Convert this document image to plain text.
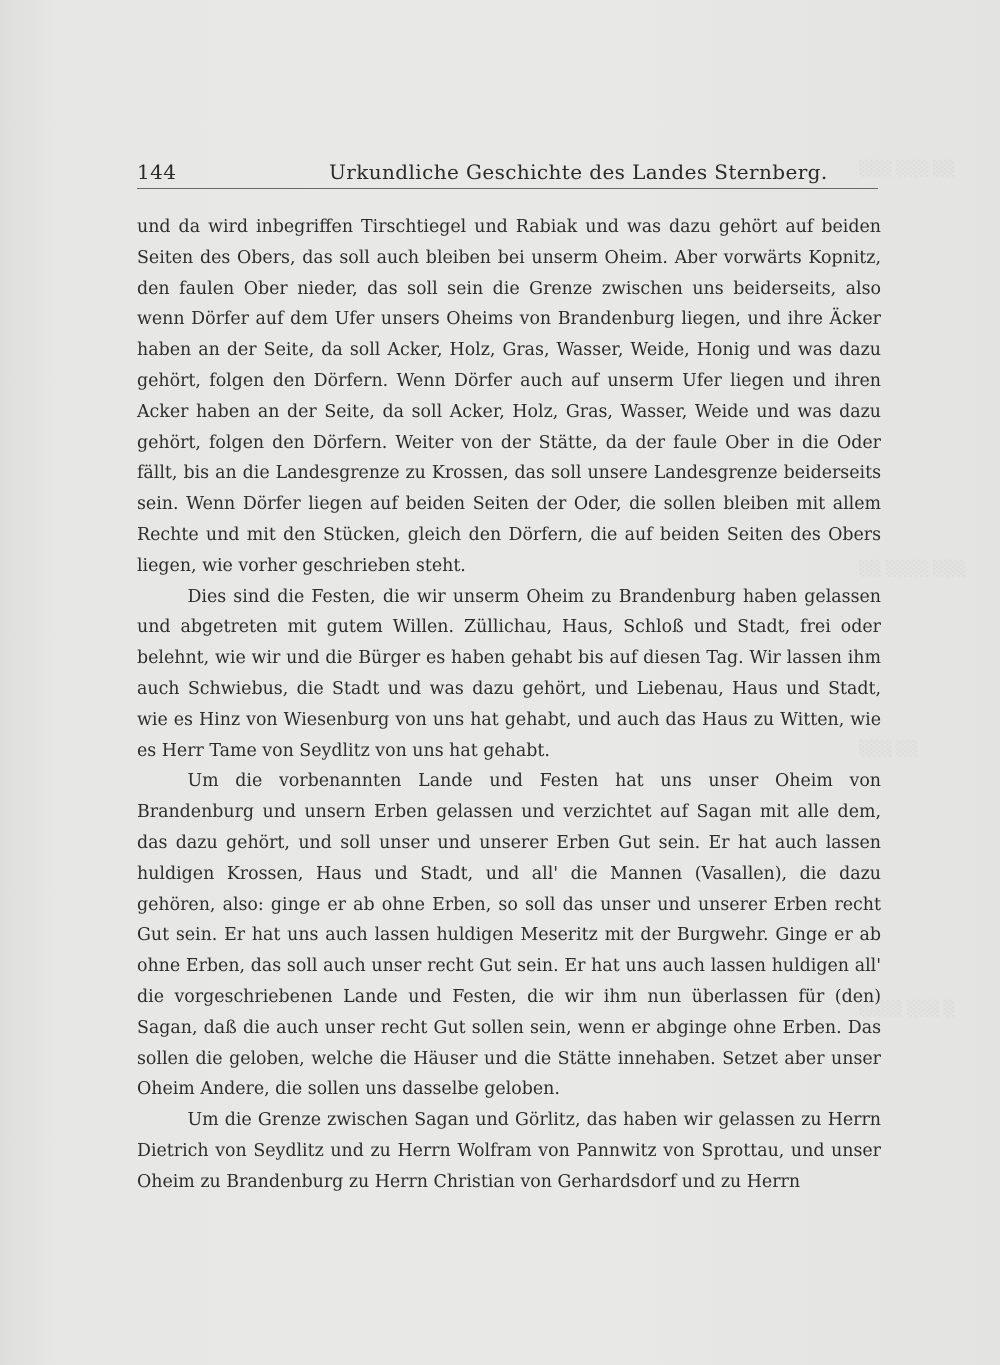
░░░ ░░░ ░░
░░ ░░░░ ░░░
░░░ ░░
░░░░ ░░░ ░
144	Urkundliche Geschichte des Landes Sternberg.

und da wird inbegriffen Tirschtiegel und Rabiak und was dazu gehört auf beiden Seiten des Obers, das soll auch bleiben bei unserm Oheim. Aber vorwärts Kopnitz, den faulen Ober nieder, das soll sein die Grenze zwischen uns beiderseits, also wenn Dörfer auf dem Ufer unsers Oheims von Brandenburg liegen, und ihre Äcker haben an der Seite, da soll Acker, Holz, Gras, Wasser, Weide, Honig und was dazu gehört, folgen den Dörfern. Wenn Dörfer auch auf unserm Ufer liegen und ihren Acker haben an der Seite, da soll Acker, Holz, Gras, Wasser, Weide und was dazu gehört, folgen den Dörfern. Weiter von der Stätte, da der faule Ober in die Oder fällt, bis an die Landesgrenze zu Krossen, das soll unsere Landesgrenze beiderseits sein. Wenn Dörfer liegen auf beiden Seiten der Oder, die sollen bleiben mit allem Rechte und mit den Stücken, gleich den Dörfern, die auf beiden Seiten des Obers liegen, wie vorher geschrieben steht.

Dies sind die Festen, die wir unserm Oheim zu Brandenburg haben gelassen und abgetreten mit gutem Willen. Züllichau, Haus, Schloß und Stadt, frei oder belehnt, wie wir und die Bürger es haben gehabt bis auf diesen Tag. Wir lassen ihm auch Schwiebus, die Stadt und was dazu gehört, und Liebenau, Haus und Stadt, wie es Hinz von Wiesenburg von uns hat gehabt, und auch das Haus zu Witten, wie es Herr Tame von Seydlitz von uns hat gehabt.

Um die vorbenannten Lande und Festen hat uns unser Oheim von Brandenburg und unsern Erben gelassen und verzichtet auf Sagan mit alle dem, das dazu gehört, und soll unser und unserer Erben Gut sein. Er hat auch lassen huldigen Krossen, Haus und Stadt, und all' die Mannen (Vasallen), die dazu gehören, also: ginge er ab ohne Erben, so soll das unser und unserer Erben recht Gut sein. Er hat uns auch lassen huldigen Meseritz mit der Burgwehr. Ginge er ab ohne Erben, das soll auch unser recht Gut sein. Er hat uns auch lassen huldigen all' die vorgeschriebenen Lande und Festen, die wir ihm nun überlassen für (den) Sagan, daß die auch unser recht Gut sollen sein, wenn er abginge ohne Erben. Das sollen die geloben, welche die Häuser und die Stätte innehaben. Setzet aber unser Oheim Andere, die sollen uns dasselbe geloben.

Um die Grenze zwischen Sagan und Görlitz, das haben wir gelassen zu Herrn Dietrich von Seydlitz und zu Herrn Wolfram von Pannwitz von Sprottau, und unser Oheim zu Brandenburg zu Herrn Christian von Gerhardsdorf und zu Herrn
